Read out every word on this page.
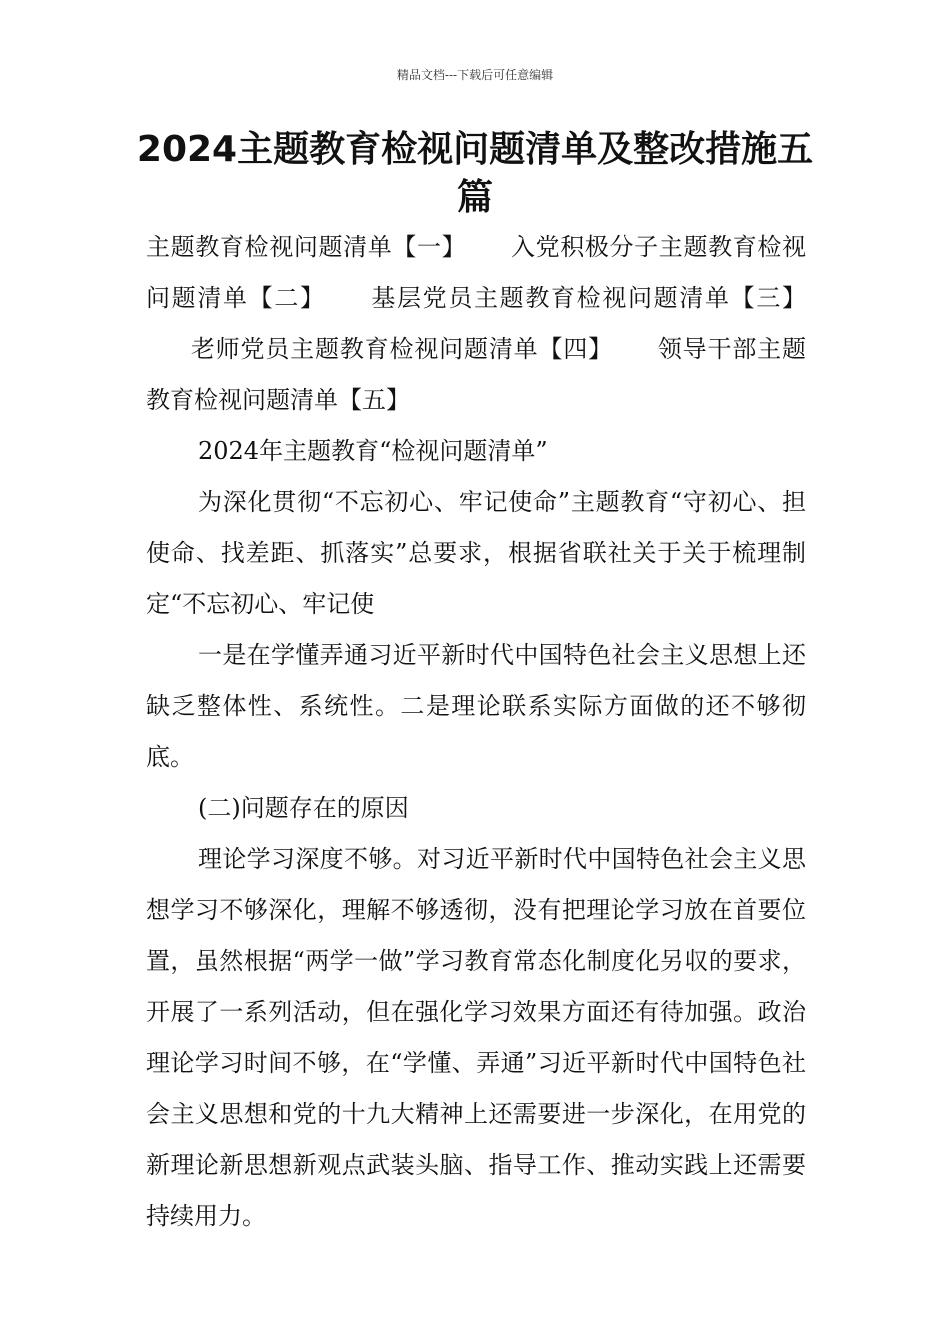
精品文档---下载后可任意编辑
2024主题教育检视问题清单及整改措施五篇

主题教育检视问题清单【一】 入党积极分子主题教育检视问题清单【二】 基层党员主题教育检视问题清单【三】老师党员主题教育检视问题清单【四】 领导干部主题教育检视问题清单【五】

2024年主题教育“检视问题清单”

为深化贯彻“不忘初心、牢记使命”主题教育“守初心、担使命、找差距、抓落实”总要求，根据省联社关于关于梳理制定“不忘初心、牢记使

一是在学懂弄通习近平新时代中国特色社会主义思想上还缺乏整体性、系统性。二是理论联系实际方面做的还不够彻底。

(二)问题存在的原因

理论学习深度不够。对习近平新时代中国特色社会主义思想学习不够深化，理解不够透彻，没有把理论学习放在首要位置，虽然根据“两学一做”学习教育常态化制度化另収的要求，开展了一系列活动，但在强化学习效果方面还有待加强。政治理论学习时间不够，在“学懂、弄通”习近平新时代中国特色社会主义思想和党的十九大精神上还需要进一步深化，在用党的新理论新思想新观点武装头脑、指导工作、推动实践上还需要持续用力。
